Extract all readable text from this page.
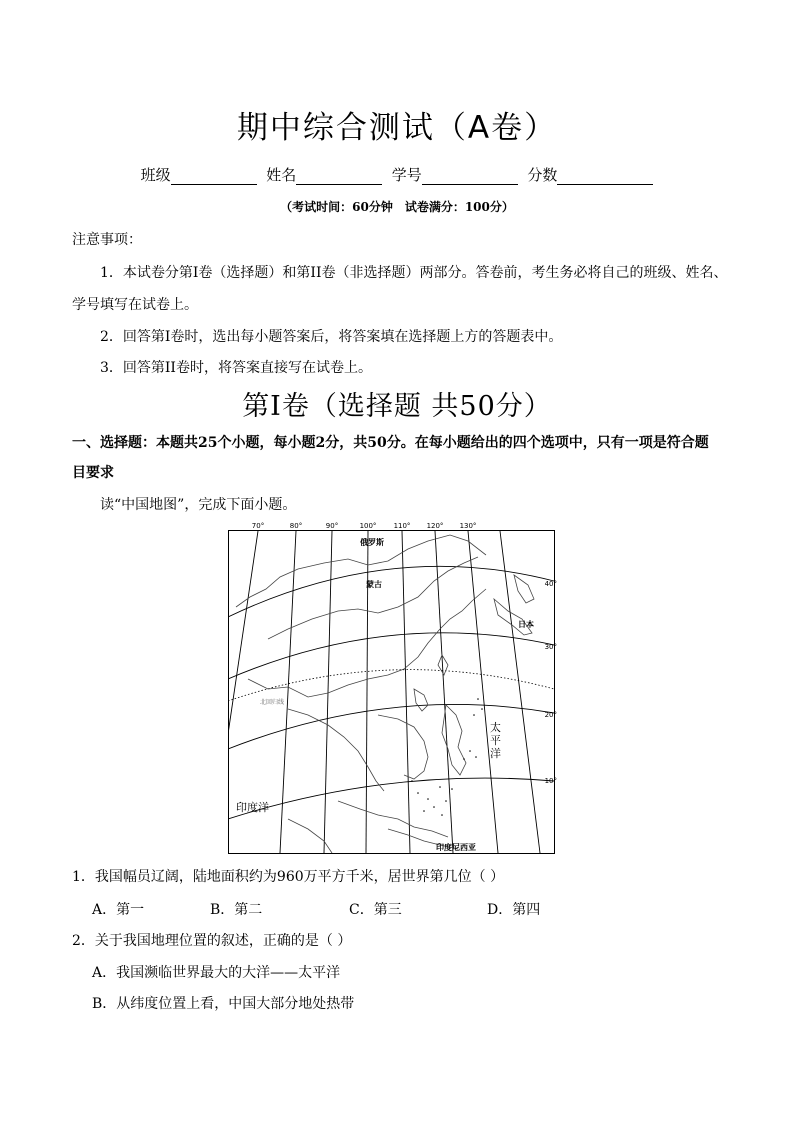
期中综合测试（A卷）
班级	姓名	学号	分数
（考试时间：60分钟　试卷满分：100分）
注意事项：
1．本试卷分第I卷（选择题）和第II卷（非选择题）两部分。答卷前，考生务必将自己的班级、姓名、
学号填写在试卷上。
2．回答第I卷时，选出每小题答案后，将答案填在选择题上方的答题表中。
3．回答第II卷时，将答案直接写在试卷上。
第I卷（选择题 共50分）
一、选择题：本题共25个小题，每小题2分，共50分。在每小题给出的四个选项中，只有一项是符合题
目要求
读“中国地图”，完成下面小题。
70°	80°	90°	100° 110° 120° 130°
40°
30°
20°
10°
俄罗斯
蒙古
日本
北回归线
印度洋
印度尼西亚
太平洋
1．我国幅员辽阔，陆地面积约为960万平方千米，居世界第几位（ ）
A．第一	B．第二	C．第三	D．第四
2．关于我国地理位置的叙述，正确的是（ ）
A．我国濒临世界最大的大洋——太平洋
B．从纬度位置上看，中国大部分地处热带
